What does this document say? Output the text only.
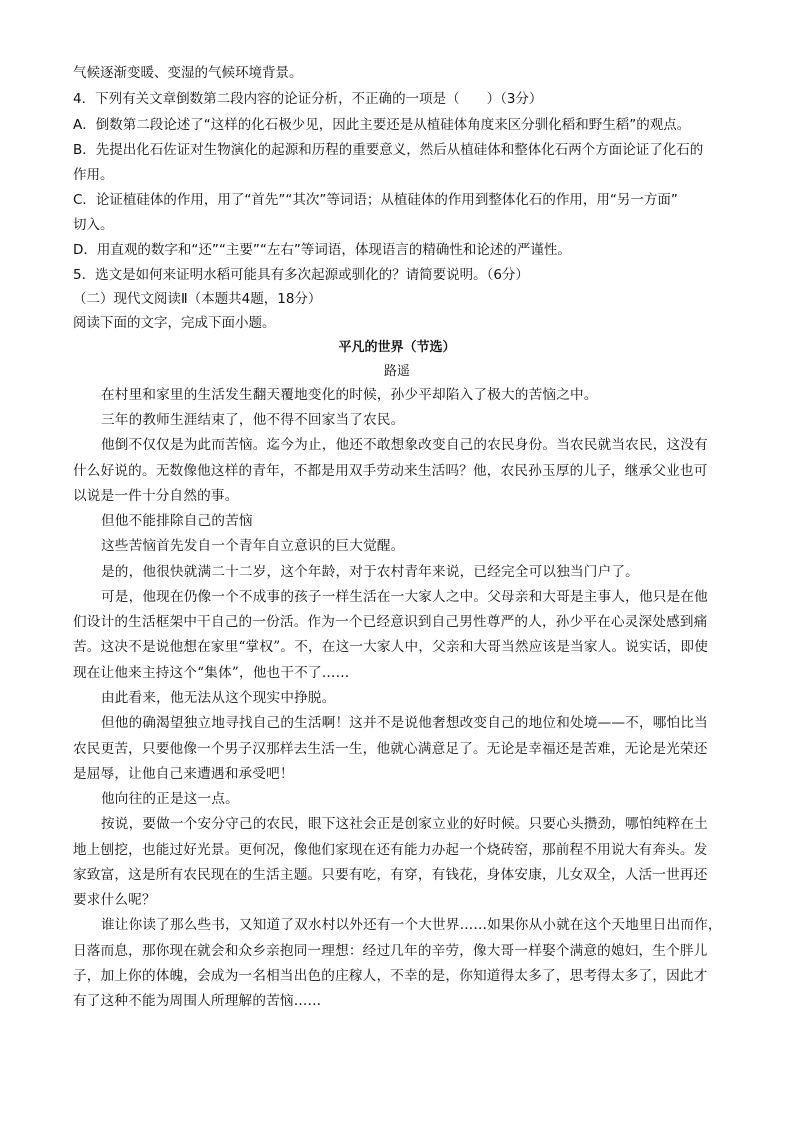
气候逐渐变暖、变湿的气候环境背景。
4．下列有关文章倒数第二段内容的论证分析，不正确的一项是（　　）（3分）
A．倒数第二段论述了“这样的化石极少见，因此主要还是从植硅体角度来区分驯化稻和野生稻”的观点。
B．先提出化石佐证对生物演化的起源和历程的重要意义，然后从植硅体和整体化石两个方面论证了化石的
作用。
C．论证植硅体的作用，用了“首先”“其次”等词语；从植硅体的作用到整体化石的作用，用“另一方面”
切入。
D．用直观的数字和“还”“主要”“左右”等词语，体现语言的精确性和论述的严谨性。
5．选文是如何来证明水稻可能具有多次起源或驯化的？请简要说明。（6分）
（二）现代文阅读Ⅱ（本题共4题，18分）
阅读下面的文字，完成下面小题。
平凡的世界（节选）
路遥
在村里和家里的生活发生翻天覆地变化的时候，孙少平却陷入了极大的苦恼之中。
三年的教师生涯结束了，他不得不回家当了农民。
他倒不仅仅是为此而苦恼。迄今为止，他还不敢想象改变自己的农民身份。当农民就当农民，这没有
什么好说的。无数像他这样的青年，不都是用双手劳动来生活吗？他，农民孙玉厚的儿子，继承父业也可
以说是一件十分自然的事。
但他不能排除自己的苦恼
这些苦恼首先发自一个青年自立意识的巨大觉醒。
是的，他很快就满二十二岁，这个年龄，对于农村青年来说，已经完全可以独当门户了。
可是，他现在仍像一个不成事的孩子一样生活在一大家人之中。父母亲和大哥是主事人，他只是在他
们设计的生活框架中干自己的一份活。作为一个已经意识到自己男性尊严的人，孙少平在心灵深处感到痛
苦。这决不是说他想在家里“掌权”。不，在这一大家人中，父亲和大哥当然应该是当家人。说实话，即使
现在让他来主持这个“集体”，他也干不了……
由此看来，他无法从这个现实中挣脱。
但他的确渴望独立地寻找自己的生活啊！这并不是说他奢想改变自己的地位和处境——不，哪怕比当
农民更苦，只要他像一个男子汉那样去生活一生，他就心满意足了。无论是幸福还是苦难，无论是光荣还
是屈辱，让他自己来遭遇和承受吧！
他向往的正是这一点。
按说，要做一个安分守己的农民，眼下这社会正是创家立业的好时候。只要心头攒劲，哪怕纯粹在土
地上刨挖，也能过好光景。更何况，像他们家现在还有能力办起一个烧砖窑，那前程不用说大有奔头。发
家致富，这是所有农民现在的生活主题。只要有吃，有穿，有钱花，身体安康，儿女双全，人活一世再还
要求什么呢？
谁让你读了那么些书，又知道了双水村以外还有一个大世界……如果你从小就在这个天地里日出而作，
日落而息，那你现在就会和众乡亲抱同一理想：经过几年的辛劳，像大哥一样娶个满意的媳妇，生个胖儿
子，加上你的体魄，会成为一名相当出色的庄稼人，不幸的是，你知道得太多了，思考得太多了，因此才
有了这种不能为周围人所理解的苦恼……
